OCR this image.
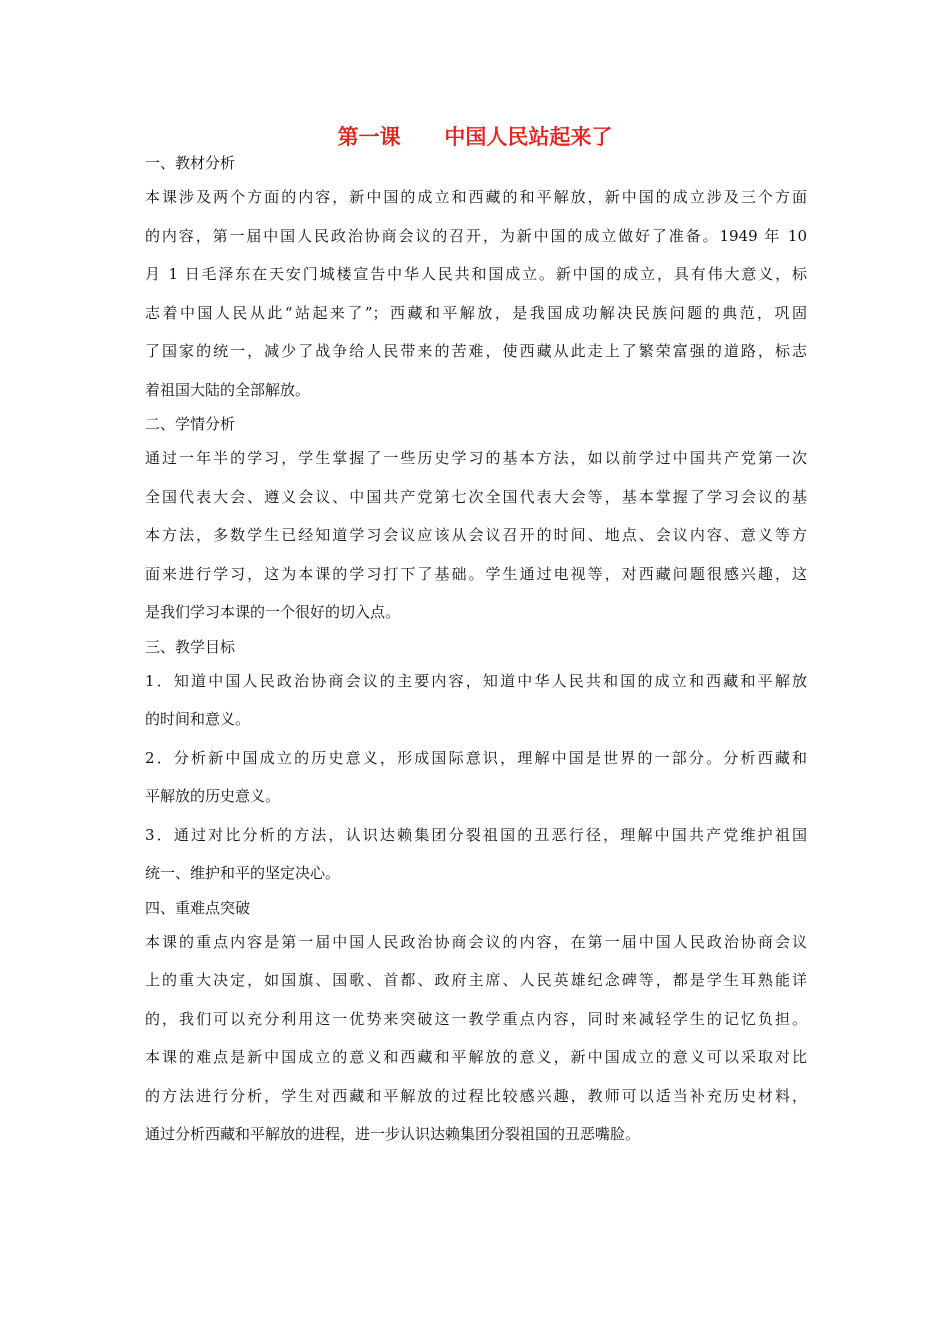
第一课      中国人民站起来了

一、教材分析

本课涉及两个方面的内容，新中国的成立和西藏的和平解放，新中国的成立涉及三个方面
的内容，第一届中国人民政治协商会议的召开，为新中国的成立做好了准备。1949 年 10
月 1 日毛泽东在天安门城楼宣告中华人民共和国成立。新中国的成立，具有伟大意义，标
志着中国人民从此“站起来了”；西藏和平解放，是我国成功解决民族问题的典范，巩固
了国家的统一，减少了战争给人民带来的苦难，使西藏从此走上了繁荣富强的道路，标志
着祖国大陆的全部解放。

二、学情分析

通过一年半的学习，学生掌握了一些历史学习的基本方法，如以前学过中国共产党第一次
全国代表大会、遵义会议、中国共产党第七次全国代表大会等，基本掌握了学习会议的基
本方法，多数学生已经知道学习会议应该从会议召开的时间、地点、会议内容、意义等方
面来进行学习，这为本课的学习打下了基础。学生通过电视等，对西藏问题很感兴趣，这
是我们学习本课的一个很好的切入点。

三、教学目标

1．知道中国人民政治协商会议的主要内容，知道中华人民共和国的成立和西藏和平解放
的时间和意义。

2．分析新中国成立的历史意义，形成国际意识，理解中国是世界的一部分。分析西藏和
平解放的历史意义。

3．通过对比分析的方法，认识达赖集团分裂祖国的丑恶行径，理解中国共产党维护祖国
统一、维护和平的坚定决心。

四、重难点突破

本课的重点内容是第一届中国人民政治协商会议的内容，在第一届中国人民政治协商会议
上的重大决定，如国旗、国歌、首都、政府主席、人民英雄纪念碑等，都是学生耳熟能详
的，我们可以充分利用这一优势来突破这一教学重点内容，同时来减轻学生的记忆负担。
本课的难点是新中国成立的意义和西藏和平解放的意义，新中国成立的意义可以采取对比
的方法进行分析，学生对西藏和平解放的过程比较感兴趣，教师可以适当补充历史材料，
通过分析西藏和平解放的进程，进一步认识达赖集团分裂祖国的丑恶嘴脸。
